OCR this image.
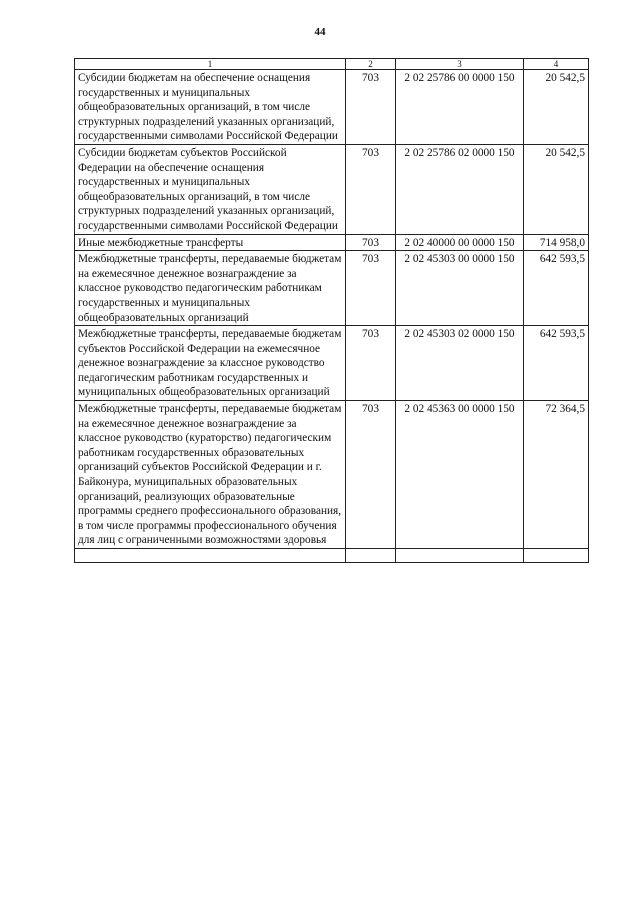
44
1	2	3	4
Субсидии бюджетам на обеспечение оснащения государственных и муниципальных общеобразовательных организаций, в том числе структурных подразделений указанных организаций, государственными символами Российской Федерации	703	2 02 25786 00 0000 150	20 542,5
Субсидии бюджетам субъектов Российской Федерации на обеспечение оснащения государственных и муниципальных общеобразовательных организаций, в том числе структурных подразделений указанных организаций, государственными символами Российской Федерации	703	2 02 25786 02 0000 150	20 542,5
Иные межбюджетные трансферты	703	2 02 40000 00 0000 150	714 958,0
Межбюджетные трансферты, передаваемые бюджетам на ежемесячное денежное вознаграждение за классное руководство педагогическим работникам государственных и муниципальных общеобразовательных организаций	703	2 02 45303 00 0000 150	642 593,5
Межбюджетные трансферты, передаваемые бюджетам субъектов Российской Федерации на ежемесячное денежное вознаграждение за классное руководство педагогическим работникам государственных и муниципальных общеобразовательных организаций	703	2 02 45303 02 0000 150	642 593,5
Межбюджетные трансферты, передаваемые бюджетам на ежемесячное денежное вознаграждение за классное руководство (кураторство) педагогическим работникам государственных образовательных организаций субъектов Российской Федерации и г. Байконура, муниципальных образовательных организаций, реализующих образовательные программы среднего профессионального образования, в том числе программы профессионального обучения для лиц с ограниченными возможностями здоровья	703	2 02 45363 00 0000 150	72 364,5
